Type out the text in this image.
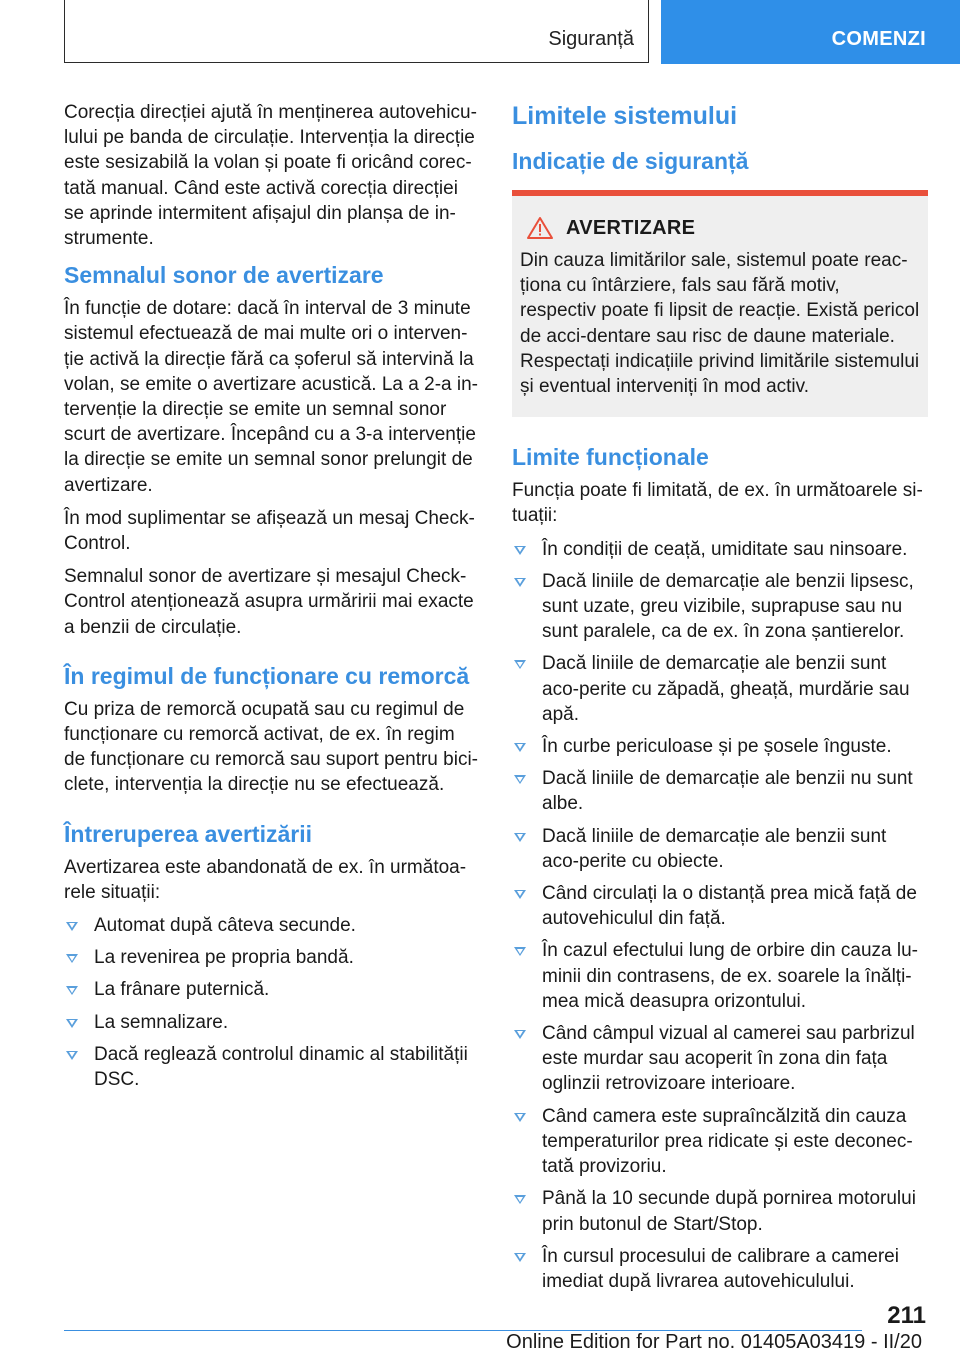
Siguranță	COMENZI

Corecția direcției ajută în menținerea autovehicu-lului pe banda de circulație. Intervenția la direcție este sesizabilă la volan și poate fi oricând corec-tată manual. Când este activă corecția direcției se aprinde intermitent afișajul din planșa de in-strumente.

Semnalul sonor de avertizare

În funcție de dotare: dacă în interval de 3 minute sistemul efectuează de mai multe ori o interven-ție activă la direcție fără ca șoferul să intervină la volan, se emite o avertizare acustică. La a 2-a in-tervenție la direcție se emite un semnal sonor scurt de avertizare. Începând cu a 3-a intervenție la direcție se emite un semnal sonor prelungit de avertizare.

În mod suplimentar se afișează un mesaj Check-Control.

Semnalul sonor de avertizare și mesajul Check-Control atenționează asupra urmăririi mai exacte a benzii de circulație.

În regimul de funcționare cu remorcă

Cu priza de remorcă ocupată sau cu regimul de funcționare cu remorcă activat, de ex. în regim de funcționare cu remorcă sau suport pentru bici-clete, intervenția la direcție nu se efectuează.

Întreruperea avertizării

Avertizarea este abandonată de ex. în următoa-rele situații:

Automat după câteva secunde.
La revenirea pe propria bandă.
La frânare puternică.
La semnalizare.
Dacă reglează controlul dinamic al stabilității DSC.
Limitele sistemului
Indicație de siguranță
AVERTIZARE

Din cauza limitărilor sale, sistemul poate reac-ționa cu întârziere, fals sau fără motiv, respectiv poate fi lipsit de reacție. Există pericol de acci-dentare sau risc de daune materiale. Respectați indicațiile privind limitările sistemului și eventual interveniți în mod activ.

Limite funcționale

Funcția poate fi limitată, de ex. în următoarele si-tuații:

În condiții de ceață, umiditate sau ninsoare.
Dacă liniile de demarcație ale benzii lipsesc, sunt uzate, greu vizibile, suprapuse sau nu sunt paralele, ca de ex. în zona șantierelor.
Dacă liniile de demarcație ale benzii sunt aco-perite cu zăpadă, gheață, murdărie sau apă.
În curbe periculoase și pe șosele înguste.
Dacă liniile de demarcație ale benzii nu sunt albe.
Dacă liniile de demarcație ale benzii sunt aco-perite cu obiecte.
Când circulați la o distanță prea mică față de autovehiculul din față.
În cazul efectului lung de orbire din cauza lu-minii din contrasens, de ex. soarele la înălți-mea mică deasupra orizontului.
Când câmpul vizual al camerei sau parbrizul este murdar sau acoperit în zona din fața oglinzii retrovizoare interioare.
Când camera este supraîncălzită din cauza temperaturilor prea ridicate și este deconec-tată provizoriu.
Până la 10 secunde după pornirea motorului prin butonul de Start/Stop.
În cursul procesului de calibrare a camerei imediat după livrarea autovehiculului.
211
Online Edition for Part no. 01405A03419 - II/20
